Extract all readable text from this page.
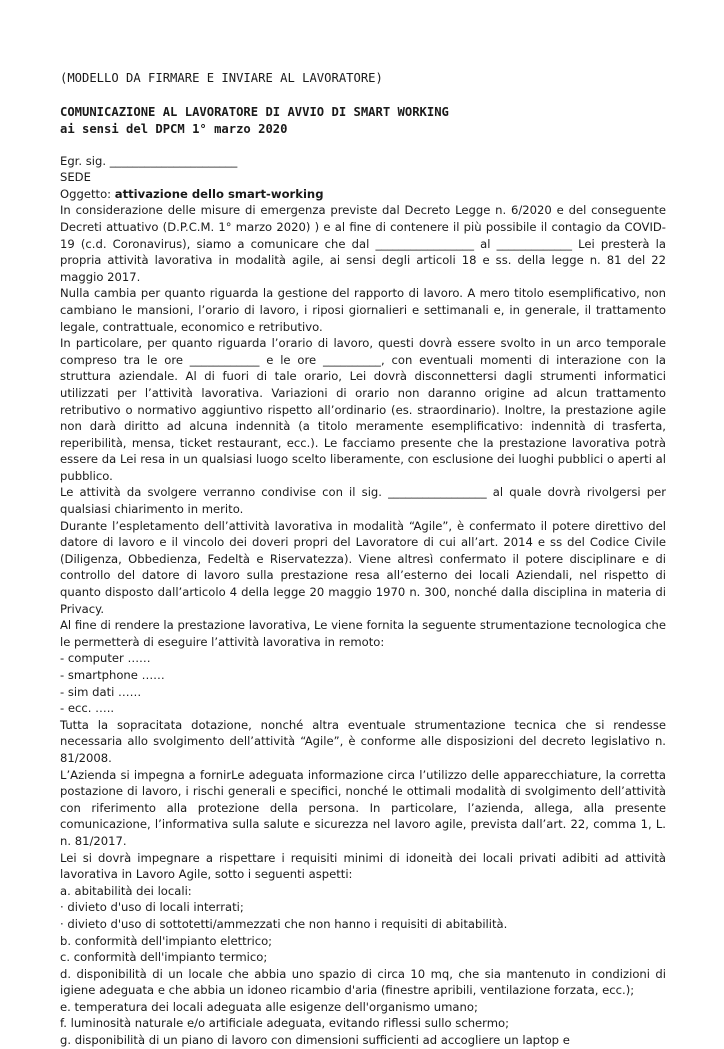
(MODELLO DA FIRMARE E INVIARE AL LAVORATORE)
COMUNICAZIONE AL LAVORATORE DI AVVIO DI SMART WORKING
ai sensi del DPCM 1° marzo 2020
Egr. sig. ______________________
SEDE
Oggetto: attivazione dello smart-working

In considerazione delle misure di emergenza previste dal Decreto Legge n. 6/2020 e del conseguente Decreti attuativo (D.P.C.M. 1° marzo 2020) ) e al fine di contenere il più possibile il contagio da COVID-19 (c.d. Coronavirus), siamo a comunicare che dal _________________ al _____________ Lei presterà la propria attività lavorativa in modalità agile, ai sensi degli articoli 18 e ss. della legge n. 81 del 22 maggio 2017.

Nulla cambia per quanto riguarda la gestione del rapporto di lavoro. A mero titolo esemplificativo, non cambiano le mansioni, l’orario di lavoro, i riposi giornalieri e settimanali e, in generale, il trattamento legale, contrattuale, economico e retributivo.

In particolare, per quanto riguarda l’orario di lavoro, questi dovrà essere svolto in un arco temporale compreso tra le ore ____________ e le ore __________, con eventuali momenti di interazione con la struttura aziendale. Al di fuori di tale orario, Lei dovrà disconnettersi dagli strumenti informatici utilizzati per l’attività lavorativa. Variazioni di orario non daranno origine ad alcun trattamento retributivo o normativo aggiuntivo rispetto all’ordinario (es. straordinario). Inoltre, la prestazione agile non darà diritto ad alcuna indennità (a titolo meramente esemplificativo: indennità di trasferta, reperibilità, mensa, ticket restaurant, ecc.). Le facciamo presente che la prestazione lavorativa potrà essere da Lei resa in un qualsiasi luogo scelto liberamente, con esclusione dei luoghi pubblici o aperti al pubblico.

Le attività da svolgere verranno condivise con il sig. _________________ al quale dovrà rivolgersi per qualsiasi chiarimento in merito.

Durante l’espletamento dell’attività lavorativa in modalità “Agile”, è confermato il potere direttivo del datore di lavoro e il vincolo dei doveri propri del Lavoratore di cui all’art. 2014 e ss del Codice Civile (Diligenza, Obbedienza, Fedeltà e Riservatezza). Viene altresì confermato il potere disciplinare e di controllo del datore di lavoro sulla prestazione resa all’esterno dei locali Aziendali, nel rispetto di quanto disposto dall’articolo 4 della legge 20 maggio 1970 n. 300, nonché dalla disciplina in materia di Privacy.

Al fine di rendere la prestazione lavorativa, Le viene fornita la seguente strumentazione tecnologica che le permetterà di eseguire l’attività lavorativa in remoto:

- computer ……
- smartphone ……
- sim dati ……
- ecc. …..

Tutta la sopracitata dotazione, nonché altra eventuale strumentazione tecnica che si rendesse necessaria allo svolgimento dell’attività “Agile”, è conforme alle disposizioni del decreto legislativo n. 81/2008.

L’Azienda si impegna a fornirLe adeguata informazione circa l’utilizzo delle apparecchiature, la corretta postazione di lavoro, i rischi generali e specifici, nonché le ottimali modalità di svolgimento dell’attività con riferimento alla protezione della persona. In particolare, l’azienda, allega, alla presente comunicazione, l’informativa sulla salute e sicurezza nel lavoro agile, prevista dall’art. 22, comma 1, L. n. 81/2017.

Lei si dovrà impegnare a rispettare i requisiti minimi di idoneità dei locali privati adibiti ad attività lavorativa in Lavoro Agile, sotto i seguenti aspetti:

a. abitabilità dei locali:
· divieto d'uso di locali interrati;
· divieto d'uso di sottotetti/ammezzati che non hanno i requisiti di abitabilità.
b. conformità dell'impianto elettrico;
c. conformità dell'impianto termico;

d. disponibilità di un locale che abbia uno spazio di circa 10 mq, che sia mantenuto in condizioni di igiene adeguata e che abbia un idoneo ricambio d'aria (finestre apribili, ventilazione forzata, ecc.);

e. temperatura dei locali adeguata alle esigenze dell'organismo umano;
f. luminosità naturale e/o artificiale adeguata, evitando riflessi sullo schermo;

g. disponibilità di un piano di lavoro con dimensioni sufficienti ad accogliere un laptop e
